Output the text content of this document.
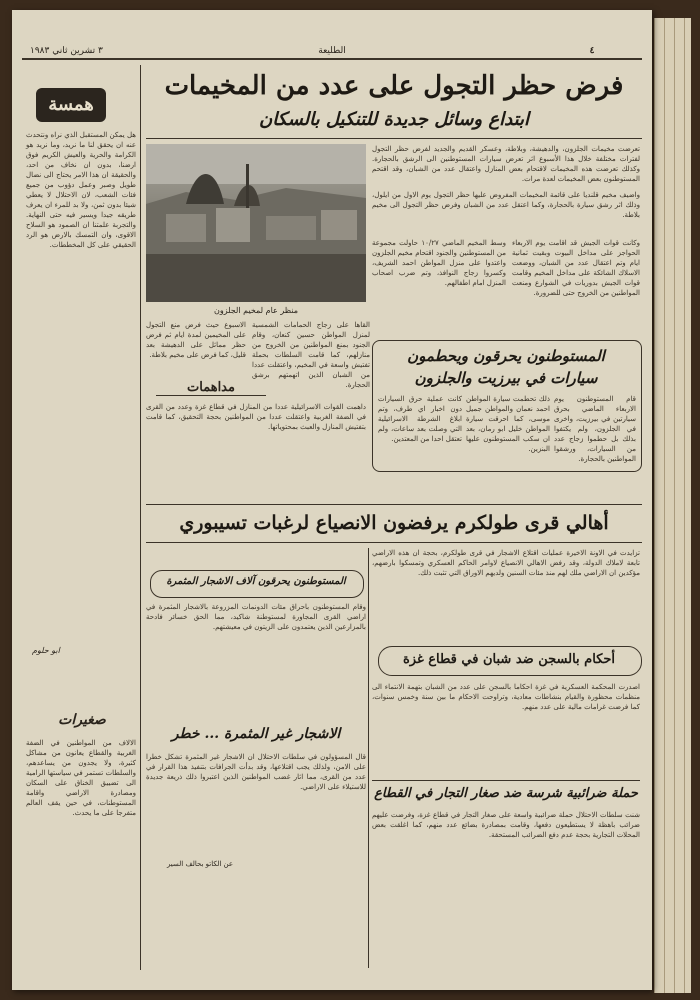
٣ تشرين ثاني ١٩٨٣	الطليعة	٤
همسة
هل يمكن المستقبل الذي نراه ونتحدث عنه ان يحقق لنا ما نريد، وما نريد هو الكرامة والحرية والعيش الكريم فوق ارضنا، بدون ان نخاف من احد، والحقيقة ان هذا الامر يحتاج الى نضال طويل وصبر وعمل دؤوب من جميع فئات الشعب، لان الاحتلال لا يعطي شيئا بدون ثمن، ولا بد للمرء ان يعرف طريقه جيدا ويسير فيه حتى النهاية. والتجربة علمتنا ان الصمود هو السلاح الاقوى، وان التمسك بالارض هو الرد الحقيقي على كل المخططات.
ابو حلوم
صغيرات
الالاف من المواطنين في الضفة الغربية والقطاع يعانون من مشاكل كثيرة، ولا يجدون من يساعدهم، والسلطات تستمر في سياستها الرامية الى تضييق الخناق على السكان ومصادرة الاراضي واقامة المستوطنات، في حين يقف العالم متفرجا على ما يحدث.
فرض حظر التجول على عدد من المخيمات
ابتداع وسائل جديدة للتنكيل بالسكان
تعرضت مخيمات الجلزون، والدهيشة، وبلاطة، وعسكر القديم والجديد لفرض حظر التجول لفترات مختلفة خلال هذا الأسبوع اثر تعرض سيارات المستوطنين الى الرشق بالحجارة. وكذلك تعرضت هذه المخيمات لاقتحام بعض المنازل واعتقال عدد من الشبان، وقد اقتحم المستوطنون بعض المخيمات لعدة مرات.
واضيف مخيم قلنديا على قائمة المخيمات المفروض عليها حظر التجول يوم الاول من ايلول، وذلك اثر رشق سيارة بالحجارة، وكما اعتقل عدد من الشبان وفرض حظر التجول الى مخيم بلاطة.
وكانت قوات الجيش قد اقامت يوم الاربعاء الحواجز على مداخل البيوت وبقيت ثمانية ايام وتم اعتقال عدد من الشبان، ووضعت الاسلاك الشائكة على مداخل المخيم وقامت قوات الجيش بدوريات في الشوارع ومنعت المواطنين من الخروج حتى للضرورة.
وسط المخيم الماضي ١٠/٢٧ حاولت مجموعة من المستوطنين والجنود اقتحام مخيم الجلزون واعتدوا على منزل المواطن احمد الشريف، وكسروا زجاج النوافذ، وتم ضرب اصحاب المنزل امام اطفالهم.
منظر عام لمخيم الجلزون
القاها على زجاج الحمامات الشمسية لمنزل المواطن حسين كنعان، وقام الجنود بمنع المواطنين من الخروج من منازلهم، كما قامت السلطات بحملة تفتيش واسعة في المخيم، واعتقلت عددا من الشبان الذين اتهمتهم برشق الحجارة.
الاسبوع حيث فرض منع التجول على المخيمين لمدة ايام ثم فرض حظر مماثل على الدهيشة بعد قليل، كما فرض على مخيم بلاطة.	المستوطنون يحرقون ويحطمون
سيارات في بيرزيت والجلزون
قام المستوطنون يوم الاربعاء الماضي بحرق سيارتين في بيرزيت، واخرى في الجلزون، ولم يكتفوا بذلك بل حطموا زجاج عدد من السيارات، ورشقوا المواطنين بالحجارة.
ذلك تحطمت سيارة المواطن احمد نعمان والمواطن جميل موسى، كما احرقت سيارة المواطن خليل ابو رمان، بعد ان سكب المستوطنون عليها البنزين.
كانت عملية حرق السيارات دون اخبار اي طرف، وتم ابلاغ الشرطة الاسرائيلية التي وصلت بعد ساعات، ولم تعتقل احدا من المعتدين.
مداهمات
داهمت القوات الاسرائيلية عددا من المنازل في قطاع غزة وعدد من القرى في الضفة الغربية واعتقلت عددا من المواطنين بحجة التحقيق، كما قامت بتفتيش المنازل والعبث بمحتوياتها.
أهالي قرى طولكرم يرفضون الانصياع لرغبات تسيبوري
تزايدت في الاونة الاخيرة عمليات اقتلاع الاشجار في قرى طولكرم، بحجة ان هذه الاراضي تابعة لاملاك الدولة، وقد رفض الاهالي الانصياع لاوامر الحاكم العسكري وتمسكوا بارضهم، مؤكدين ان الاراضي ملك لهم منذ مئات السنين ولديهم الاوراق التي تثبت ذلك.
المستوطنون يحرقون آلاف الاشجار المثمرة
وقام المستوطنون باحراق مئات الدونمات المزروعة بالاشجار المثمرة في اراضي القرى المجاورة لمستوطنة شاكيد، مما الحق خسائر فادحة بالمزارعين الذين يعتمدون على الزيتون في معيشتهم.
أحكام بالسجن ضد شبان في قطاع غزة
اصدرت المحكمة العسكرية في غزة احكاما بالسجن على عدد من الشبان بتهمة الانتماء الى منظمات محظورة والقيام بنشاطات معادية، وتراوحت الاحكام ما بين سنة وخمس سنوات، كما فرضت غرامات مالية على عدد منهم.
الاشجار غير المثمرة ... خطر
قال المسؤولون في سلطات الاحتلال ان الاشجار غير المثمرة تشكل خطرا على الامن، ولذلك يجب اقتلاعها، وقد بدأت الجرافات بتنفيذ هذا القرار في عدد من القرى، مما اثار غضب المواطنين الذين اعتبروا ذلك ذريعة جديدة للاستيلاء على الاراضي.
عن الكاتو بحالف السير
حملة ضرائبية شرسة ضد صغار التجار في القطاع
شنت سلطات الاحتلال حملة ضرائبية واسعة على صغار التجار في قطاع غزة، وفرضت عليهم ضرائب باهظة لا يستطيعون دفعها، وقامت بمصادرة بضائع عدد منهم، كما اغلقت بعض المحلات التجارية بحجة عدم دفع الضرائب المستحقة.
